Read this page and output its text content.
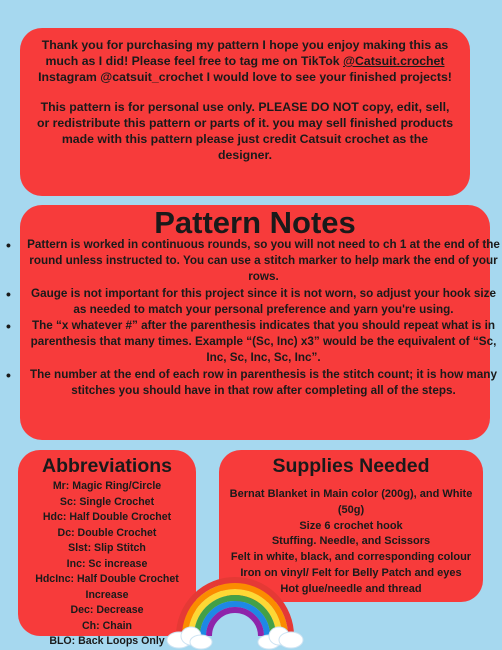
Thank you for purchasing my pattern I hope you enjoy making this as much as I did! Please feel free to tag me on TikTok @Catsuit.crochet Instagram @catsuit_crochet I would love to see your finished projects!

This pattern is for personal use only. PLEASE DO NOT copy, edit, sell, or redistribute this pattern or parts of it. you may sell finished products made with this pattern please just credit Catsuit crochet as the designer.

Pattern Notes
• Pattern is worked in continuous rounds, so you will not need to ch 1 at the end of the round unless instructed to. You can use a stitch marker to help mark the end of your rows.
• Gauge is not important for this project since it is not worn, so adjust your hook size as needed to match your personal preference and yarn you're using.
• The “x whatever #” after the parenthesis indicates that you should repeat what is in parenthesis that many times. Example “(Sc, Inc) x3” would be the equivalent of “Sc, Inc, Sc, Inc, Sc, Inc”.
• The number at the end of each row in parenthesis is the stitch count; it is how many stitches you should have in that row after completing all of the steps.
Abbreviations
Mr: Magic Ring/Circle
Sc: Single Crochet
Hdc: Half Double Crochet
Dc: Double Crochet
Slst: Slip Stitch
Inc: Sc increase
HdcInc: Half Double Crochet Increase
Dec: Decrease
Ch: Chain
BLO: Back Loops Only
Supplies Needed
Bernat Blanket in Main color (200g), and White (50g)
Size 6 crochet hook
Stuffing. Needle, and Scissors
Felt in white, black, and corresponding colour
Iron on vinyl/ Felt for Belly Patch and eyes
Hot glue/needle and thread
